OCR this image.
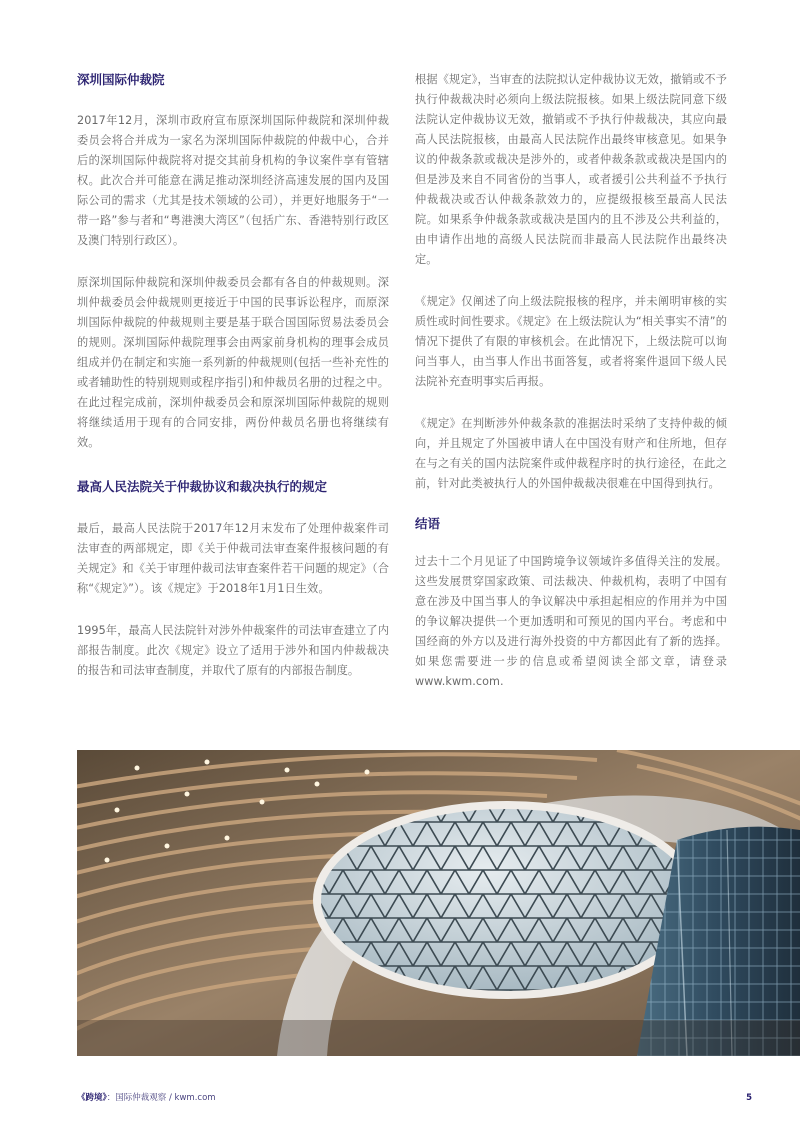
深圳国际仲裁院

2017年12月，深圳市政府宣布原深圳国际仲裁院和深圳仲裁委员会将合并成为一家名为深圳国际仲裁院的仲裁中心，合并后的深圳国际仲裁院将对提交其前身机构的争议案件享有管辖权。此次合并可能意在满足推动深圳经济高速发展的国内及国际公司的需求（尤其是技术领域的公司），并更好地服务于“一带一路”参与者和“粤港澳大湾区”（包括广东、香港特别行政区及澳门特别行政区）。

原深圳国际仲裁院和深圳仲裁委员会都有各自的仲裁规则。深圳仲裁委员会仲裁规则更接近于中国的民事诉讼程序，而原深圳国际仲裁院的仲裁规则主要是基于联合国国际贸易法委员会的规则。深圳国际仲裁院理事会由两家前身机构的理事会成员组成并仍在制定和实施一系列新的仲裁规则(包括一些补充性的或者辅助性的特别规则或程序指引)和仲裁员名册的过程之中。在此过程完成前，深圳仲裁委员会和原深圳国际仲裁院的规则将继续适用于现有的合同安排，两份仲裁员名册也将继续有效。

最高人民法院关于仲裁协议和裁决执行的规定

最后，最高人民法院于2017年12月末发布了处理仲裁案件司法审查的两部规定，即《关于仲裁司法审查案件报核问题的有关规定》和《关于审理仲裁司法审查案件若干问题的规定》（合称“《规定》”）。该《规定》于2018年1月1日生效。

1995年，最高人民法院针对涉外仲裁案件的司法审查建立了内部报告制度。此次《规定》设立了适用于涉外和国内仲裁裁决的报告和司法审查制度，并取代了原有的内部报告制度。

根据《规定》，当审查的法院拟认定仲裁协议无效，撤销或不予执行仲裁裁决时必须向上级法院报核。如果上级法院同意下级法院认定仲裁协议无效，撤销或不予执行仲裁裁决，其应向最高人民法院报核，由最高人民法院作出最终审核意见。如果争议的仲裁条款或裁决是涉外的，或者仲裁条款或裁决是国内的但是涉及来自不同省份的当事人，或者援引公共利益不予执行仲裁裁决或否认仲裁条款效力的，应提级报核至最高人民法院。如果系争仲裁条款或裁决是国内的且不涉及公共利益的，由申请作出地的高级人民法院而非最高人民法院作出最终决定。

《规定》仅阐述了向上级法院报核的程序，并未阐明审核的实质性或时间性要求。《规定》在上级法院认为“相关事实不清”的情况下提供了有限的审核机会。在此情况下，上级法院可以询问当事人，由当事人作出书面答复，或者将案件退回下级人民法院补充查明事实后再报。

《规定》在判断涉外仲裁条款的准据法时采纳了支持仲裁的倾向，并且规定了外国被申请人在中国没有财产和住所地，但存在与之有关的国内法院案件或仲裁程序时的执行途径，在此之前，针对此类被执行人的外国仲裁裁决很难在中国得到执行。

结语

过去十二个月见证了中国跨境争议领域许多值得关注的发展。这些发展贯穿国家政策、司法裁决、仲裁机构，表明了中国有意在涉及中国当事人的争议解决中承担起相应的作用并为中国的争议解决提供一个更加透明和可预见的国内平台。考虑和中国经商的外方以及进行海外投资的中方都因此有了新的选择。如果您需要进一步的信息或希望阅读全部文章，请登录www.kwm.com.

《跨境》：国际仲裁观察 / kwm.com	5
